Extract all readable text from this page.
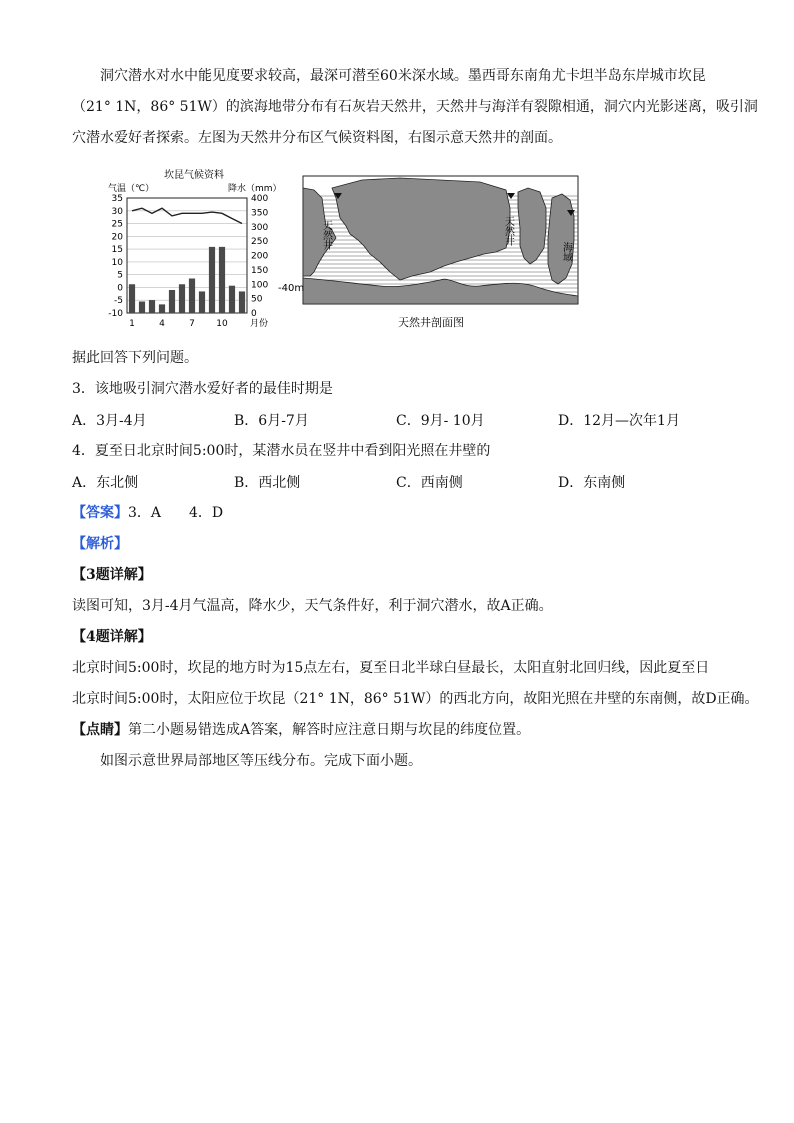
洞穴潜水对水中能见度要求较高，最深可潜至60米深水域。墨西哥东南角尤卡坦半岛东岸城市坎昆
（21° 1N，86° 51W）的滨海地带分布有石灰岩天然井，天然井与海洋有裂隙相通，洞穴内光影迷离，吸引洞
穴潜水爱好者探索。左图为天然井分布区气候资料图，右图示意天然井的剖面。
坎昆气候资料
气温（℃）	降水（mm）
月份
35
30
25
20
15
10
5
0
-5
-10
400
350
300
250
200
150
100
50
0
1	4	7 10
天然井	天然井
海域
-40m
天然井剖面图
据此回答下列问题。
3．该地吸引洞穴潜水爱好者的最佳时期是
A．3月-4月	B．6月-7月	C．9月- 10月	D．12月—次年1月
4．夏至日北京时间5:00时，某潜水员在竖井中看到阳光照在井壁的
A．东北侧	B．西北侧	C．西南侧	D．东南侧
【答案】3．A　　4．D
【解析】
【3题详解】
读图可知，3月-4月气温高，降水少，天气条件好，利于洞穴潜水，故A正确。
【4题详解】
北京时间5:00时，坎昆的地方时为15点左右，夏至日北半球白昼最长，太阳直射北回归线，因此夏至日
北京时间5:00时，太阳应位于坎昆（21° 1N，86° 51W）的西北方向，故阳光照在井壁的东南侧，故D正确。
【点睛】第二小题易错选成A答案，解答时应注意日期与坎昆的纬度位置。
如图示意世界局部地区等压线分布。完成下面小题。
